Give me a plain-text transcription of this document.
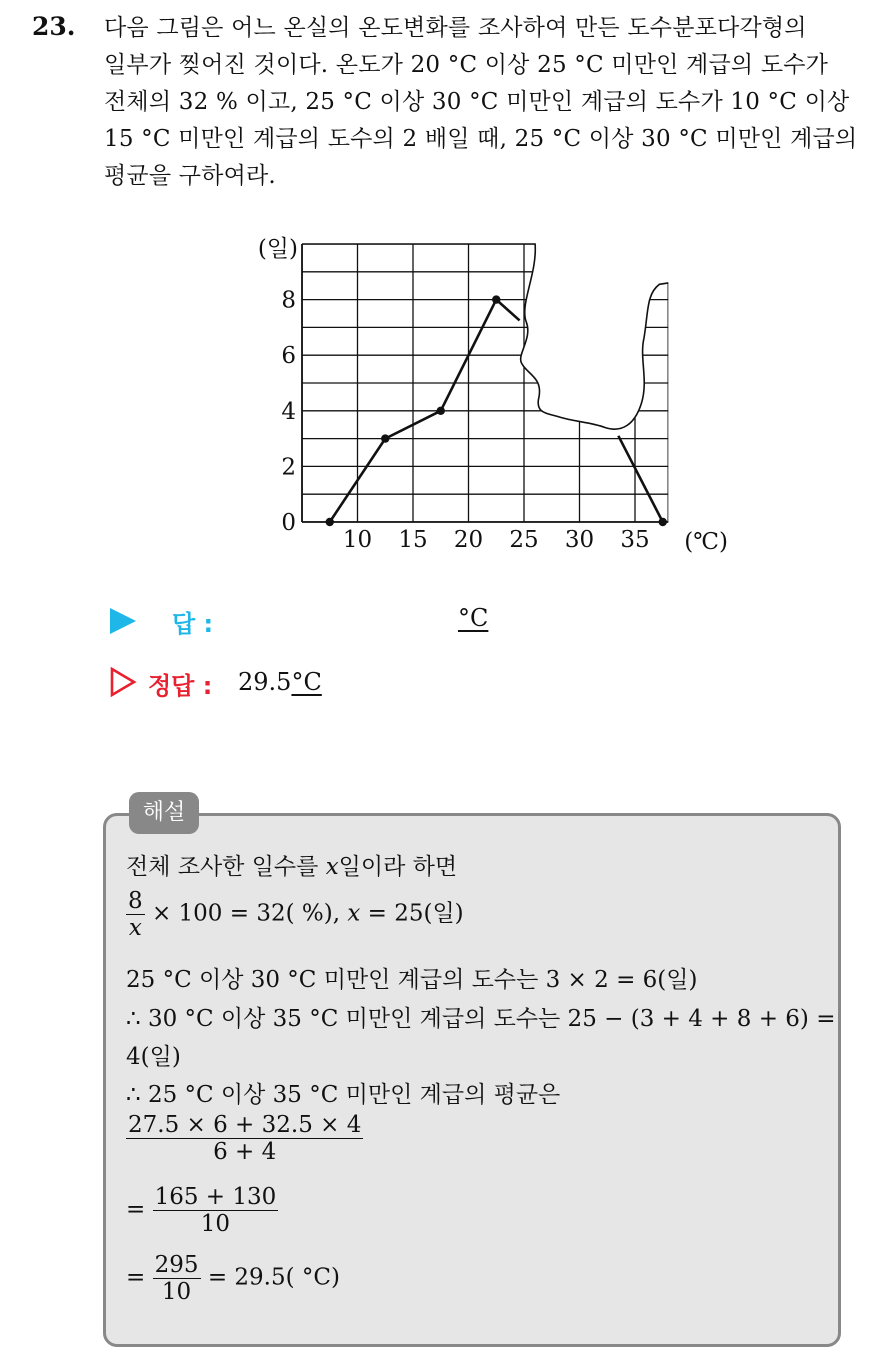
23. 다음 그림은 어느 온실의 온도변화를 조사하여 만든 도수분포다각형의
일부가 찢어진 것이다. 온도가 20 °C 이상 25 °C 미만인 계급의 도수가
전체의 32 % 이고, 25 °C 이상 30 °C 미만인 계급의 도수가 10 °C 이상
15 °C 미만인 계급의 도수의 2 배일 때, 25 °C 이상 30 °C 미만인 계급의
평균을 구하여라.
0
2
4
6
8
10 15 20 25 30 35
(일)
(℃)
답 :	°C
정답 : 29.5°C
해설
전체 조사한 일수를 x일이라 하면
$\frac{8}{x} \times 100 = 32$( %), x = 25(일)
25 °C 이상 30 °C 미만인 계급의 도수는 3 × 2 = 6(일)
∴ 30 °C 이상 35 °C 미만인 계급의 도수는 25 − (3 + 4 + 8 + 6) =
4(일)
∴ 25 °C 이상 35 °C 미만인 계급의 평균은
$\frac{27.5 \times 6 + 32.5 \times 4}{6 + 4}$
= $\frac{165 + 130}{10}$
= $\frac{295}{10} = 29.5$( °C)
